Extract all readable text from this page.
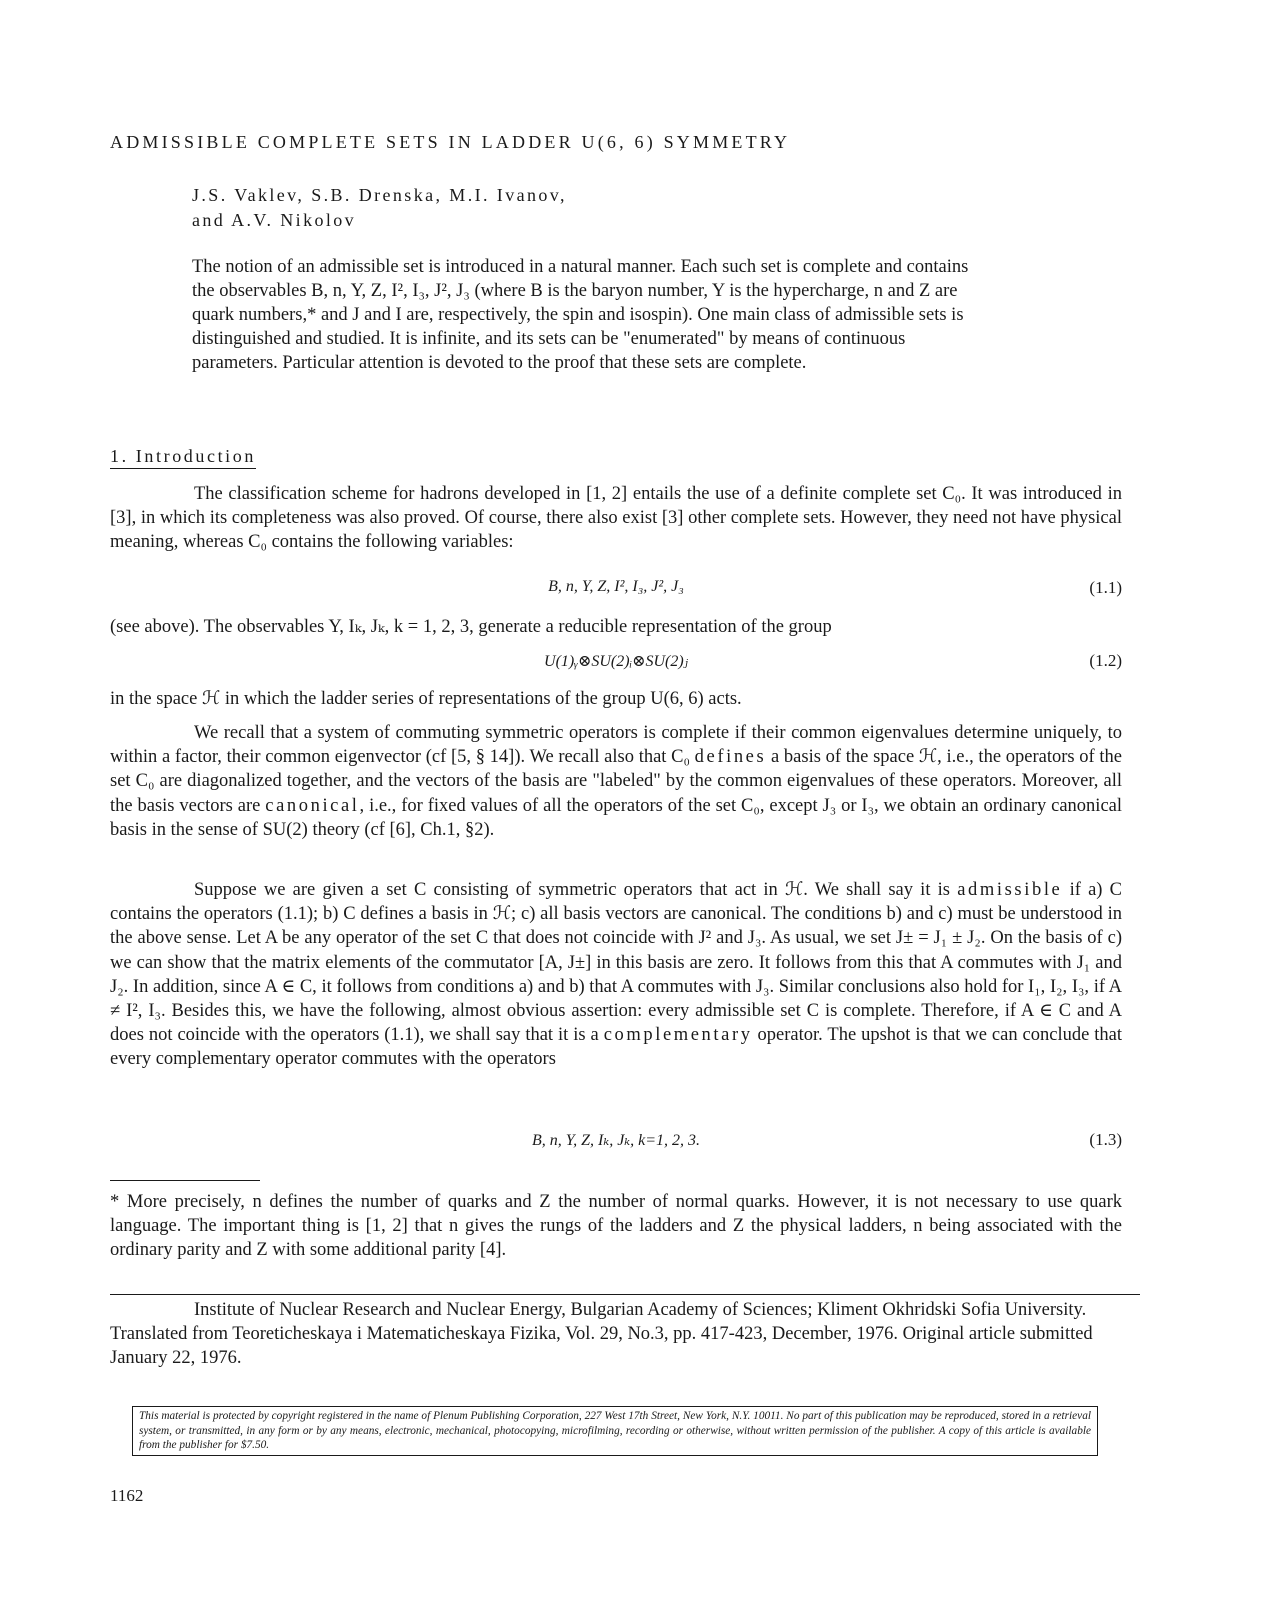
ADMISSIBLE COMPLETE SETS IN LADDER U(6, 6) SYMMETRY
J.S. Vaklev, S.B. Drenska, M.I. Ivanov,
and A.V. Nikolov

The notion of an admissible set is introduced in a natural manner. Each such set is complete and contains the observables B, n, Y, Z, I², I₃, J², J₃ (where B is the baryon number, Y is the hypercharge, n and Z are quark numbers,* and J and I are, respectively, the spin and isospin). One main class of admissible sets is distinguished and studied. It is infinite, and its sets can be "enumerated" by means of continuous parameters. Particular attention is devoted to the proof that these sets are complete.

1. Introduction

The classification scheme for hadrons developed in [1, 2] entails the use of a definite complete set C₀. It was introduced in [3], in which its completeness was also proved. Of course, there also exist [3] other complete sets. However, they need not have physical meaning, whereas C₀ contains the following variables:

B, n, Y, Z, I², I₃, J², J₃	(1.1)

(see above). The observables Y, Iₖ, Jₖ, k = 1, 2, 3, generate a reducible representation of the group

U(1)ᵧ⊗SU(2)ᵢ⊗SU(2)ⱼ	(1.2)

in the space ℋ in which the ladder series of representations of the group U(6, 6) acts.

We recall that a system of commuting symmetric operators is complete if their common eigenvalues determine uniquely, to within a factor, their common eigenvector (cf [5, § 14]). We recall also that C₀ defines a basis of the space ℋ, i.e., the operators of the set C₀ are diagonalized together, and the vectors of the basis are "labeled" by the common eigenvalues of these operators. Moreover, all the basis vectors are canonical, i.e., for fixed values of all the operators of the set C₀, except J₃ or I₃, we obtain an ordinary canonical basis in the sense of SU(2) theory (cf [6], Ch.1, §2).

Suppose we are given a set C consisting of symmetric operators that act in ℋ. We shall say it is admissible if a) C contains the operators (1.1); b) C defines a basis in ℋ; c) all basis vectors are canonical. The conditions b) and c) must be understood in the above sense. Let A be any operator of the set C that does not coincide with J² and J₃. As usual, we set J± = J₁ ± J₂. On the basis of c) we can show that the matrix elements of the commutator [A, J±] in this basis are zero. It follows from this that A commutes with J₁ and J₂. In addition, since A ∈ C, it follows from conditions a) and b) that A commutes with J₃. Similar conclusions also hold for I₁, I₂, I₃, if A ≠ I², I₃. Besides this, we have the following, almost obvious assertion: every admissible set C is complete. Therefore, if A ∈ C and A does not coincide with the operators (1.1), we shall say that it is a complementary operator. The upshot is that we can conclude that every complementary operator commutes with the operators

B, n, Y, Z, Iₖ, Jₖ, k=1, 2, 3.	(1.3)

* More precisely, n defines the number of quarks and Z the number of normal quarks. However, it is not necessary to use quark language. The important thing is [1, 2] that n gives the rungs of the ladders and Z the physical ladders, n being associated with the ordinary parity and Z with some additional parity [4].

Institute of Nuclear Research and Nuclear Energy, Bulgarian Academy of Sciences; Kliment Okhridski Sofia University. Translated from Teoreticheskaya i Matematicheskaya Fizika, Vol. 29, No.3, pp. 417-423, December, 1976. Original article submitted January 22, 1976.

This material is protected by copyright registered in the name of Plenum Publishing Corporation, 227 West 17th Street, New York, N.Y. 10011. No part of this publication may be reproduced, stored in a retrieval system, or transmitted, in any form or by any means, electronic, mechanical, photocopying, microfilming, recording or otherwise, without written permission of the publisher. A copy of this article is available from the publisher for $7.50.
1162
